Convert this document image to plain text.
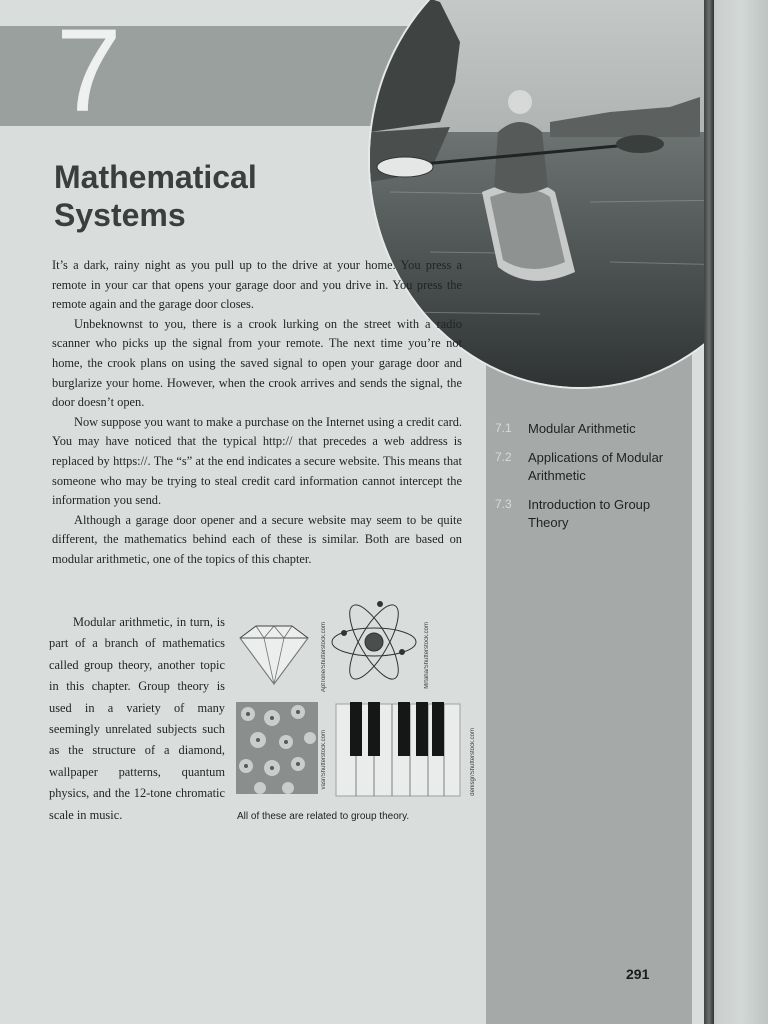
7
Mathematical
Systems

It’s a dark, rainy night as you pull up to the drive at your home. You press a remote in your car that opens your garage door and you drive in. You press the remote again and the garage door closes.

Unbeknownst to you, there is a crook lurking on the street with a radio scanner who picks up the signal from your remote. The next time you’re not home, the crook plans on using the saved signal to open your garage door and burglarize your home. However, when the crook arrives and sends the signal, the door doesn’t open.

Now suppose you want to make a purchase on the Internet using a credit card. You may have noticed that the typical http:// that precedes a web address is replaced by https://. The “s” at the end indicates a secure website. This means that someone who may be trying to steal credit card information cannot intercept the information you send.

Although a garage door opener and a secure website may seem to be quite different, the mathematics behind each of these is similar. Both are based on modular arithmetic, one of the topics of this chapter.

Modular arithmetic, in turn, is part of a branch of mathematics called group theory, another topic in this chapter. Group theory is used in a variety of many seemingly unrelated subjects such as the structure of a diamond, wallpaper patterns, quantum physics, and the 12-tone chromatic scale in music.

7.1	Modular Arithmetic
7.2	Applications of Modular Arithmetic
7.3	Introduction to Group Theory
AptTone/Shutterstock.com	Mrtaha/Shutterstock.com
vasr/Shutterstock.com	denisgr/Shutterstock.com
All of these are related to group theory.
291
